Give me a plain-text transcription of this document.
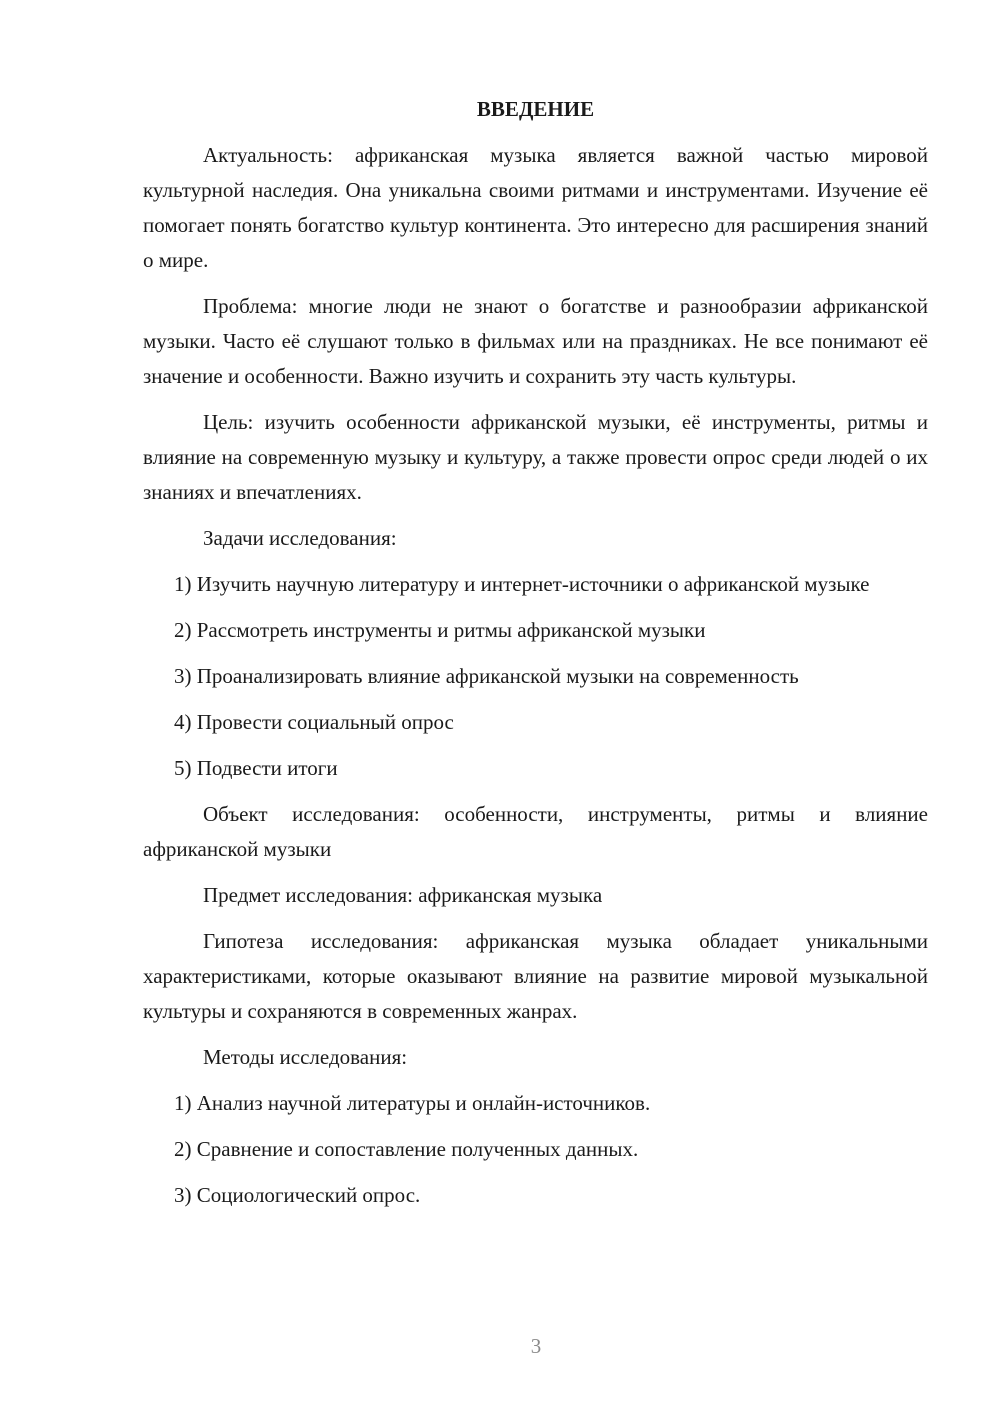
ВВЕДЕНИЕ

Актуальность: африканская музыка является важной частью мировой культурной наследия. Она уникальна своими ритмами и инструментами. Изучение её помогает понять богатство культур континента. Это интересно для расширения знаний о мире.

Проблема: многие люди не знают о богатстве и разнообразии африканской музыки. Часто её слушают только в фильмах или на праздниках. Не все понимают её значение и особенности. Важно изучить и сохранить эту часть культуры.

Цель: изучить особенности африканской музыки, её инструменты, ритмы и влияние на современную музыку и культуру, а также провести опрос среди людей о их знаниях и впечатлениях.

Задачи исследования:

1) Изучить научную литературу и интернет-источники о африканской музыке

2) Рассмотреть инструменты и ритмы африканской музыки

3) Проанализировать влияние африканской музыки на современность

4) Провести социальный опрос

5) Подвести итоги

Объект исследования: особенности, инструменты, ритмы и влияние африканской музыки

Предмет исследования: африканская музыка

Гипотеза исследования: африканская музыка обладает уникальными характеристиками, которые оказывают влияние на развитие мировой музыкальной культуры и сохраняются в современных жанрах.

Методы исследования:

1) Анализ научной литературы и онлайн-источников.

2) Сравнение и сопоставление полученных данных.

3) Социологический опрос.

3
